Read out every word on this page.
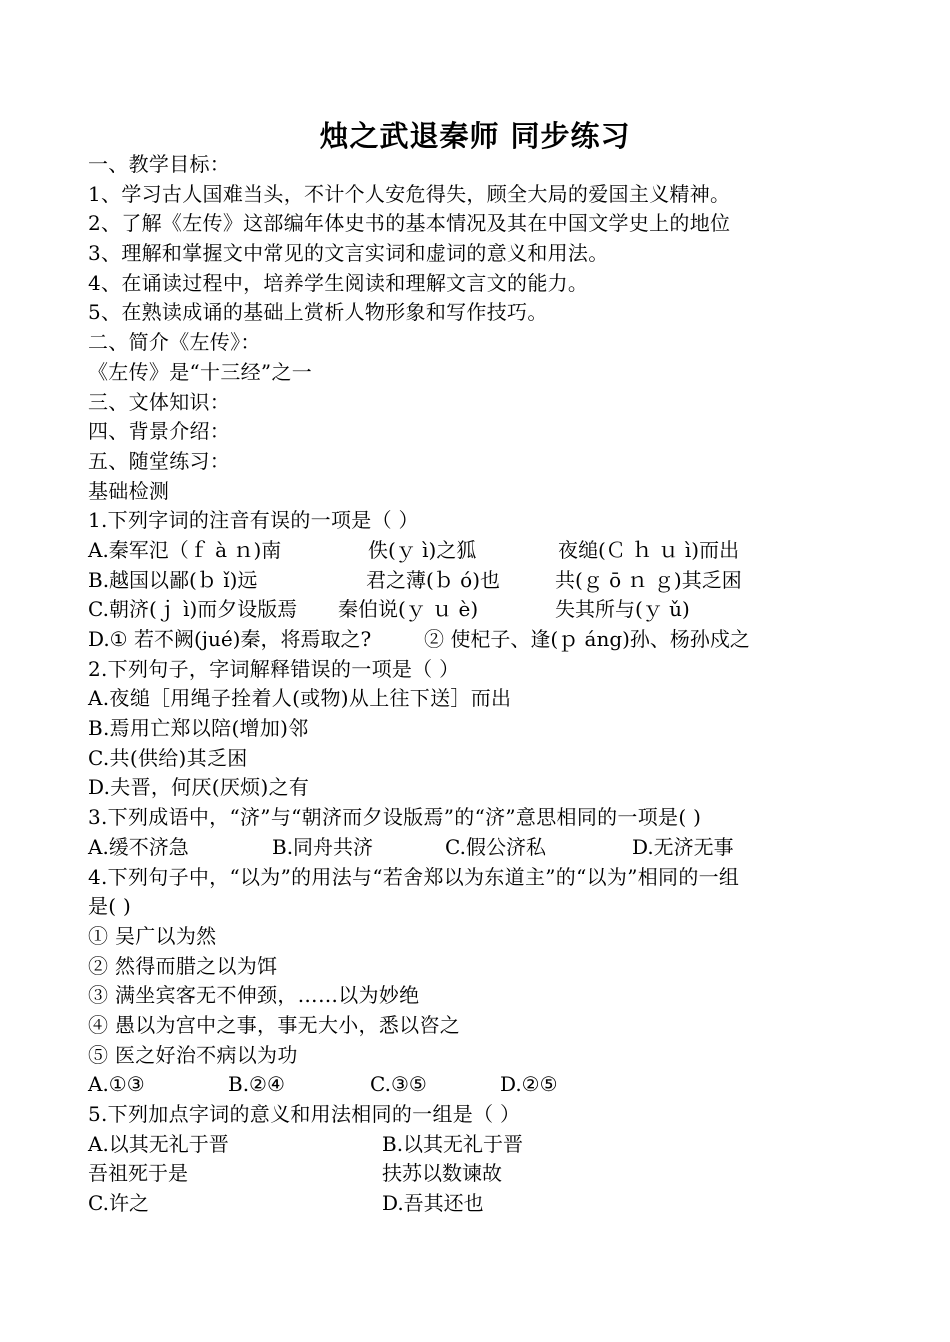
烛之武退秦师 同步练习
一、教学目标：
1、学习古人国难当头，不计个人安危得失，顾全大局的爱国主义精神。
2、了解《左传》这部编年体史书的基本情况及其在中国文学史上的地位
3、理解和掌握文中常见的文言实词和虚词的意义和用法。
4、在诵读过程中，培养学生阅读和理解文言文的能力。
5、在熟读成诵的基础上赏析人物形象和写作技巧。
二、简介《左传》：
《左传》是“十三经”之一
三、文体知识：
四、背景介绍：
五、随堂练习：
基础检测
1.下列字词的注音有误的一项是（ ）
A.秦军氾（ｆ à ｎ)南	佚(ｙ ì)之狐	夜缒(Ｃ ｈ ｕ ì)而出
B.越国以鄙(ｂ ǐ)远	君之薄(ｂ ó)也	共(ｇ ō ｎ ｇ)其乏困
C.朝济(ｊ ì)而夕设版焉 秦伯说(ｙ ｕ è)	失其所与(ｙ ǔ)
D.① 若不阙(jué)秦，将焉取之?	② 使杞子、逢(ｐ áng)孙、杨孙戍之
2.下列句子，字词解释错误的一项是（ ）
A.夜缒［用绳子拴着人(或物)从上往下送］而出
B.焉用亡郑以陪(增加)邻
C.共(供给)其乏困
D.夫晋，何厌(厌烦)之有
3.下列成语中，“济”与“朝济而夕设版焉”的“济”意思相同的一项是( )
A.缓不济急	B.同舟共济	C.假公济私	D.无济无事
4.下列句子中，“以为”的用法与“若舍郑以为东道主”的“以为”相同的一组
是( )
① 吴广以为然
② 然得而腊之以为饵
③ 满坐宾客无不伸颈，……以为妙绝
④ 愚以为宫中之事，事无大小，悉以咨之
⑤ 医之好治不病以为功
A.①③	B.②④	C.③⑤	D.②⑤
5.下列加点字词的意义和用法相同的一组是（ ）
A.以其无礼于晋	B.以其无礼于晋
吾祖死于是	扶苏以数谏故
C.许之	D.吾其还也
